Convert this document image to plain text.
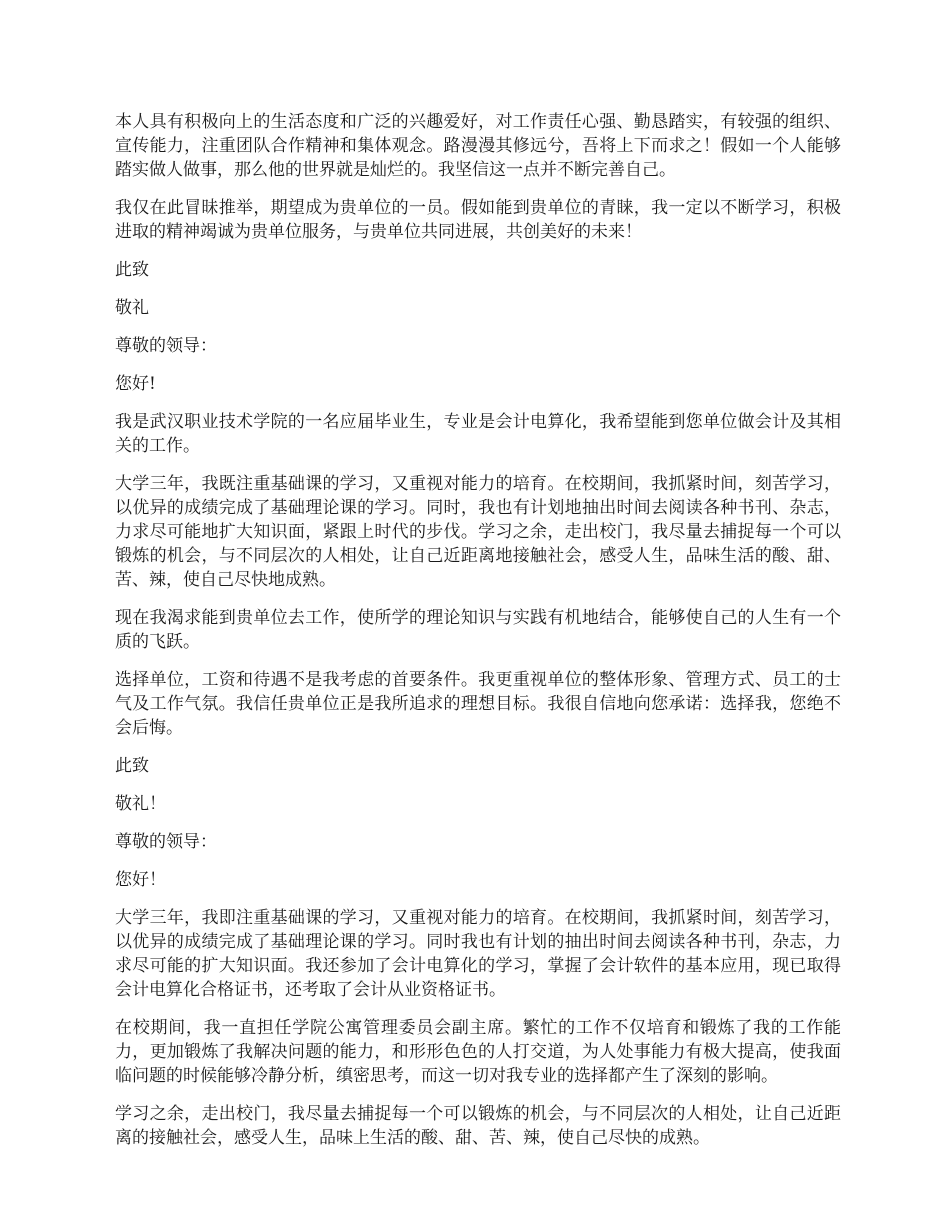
本人具有积极向上的生活态度和广泛的兴趣爱好，对工作责任心强、勤恳踏实，有较强的组织、宣传能力，注重团队合作精神和集体观念。路漫漫其修远兮，吾将上下而求之！假如一个人能够踏实做人做事，那么他的世界就是灿烂的。我坚信这一点并不断完善自己。

我仅在此冒昧推举，期望成为贵单位的一员。假如能到贵单位的青睐，我一定以不断学习，积极进取的精神竭诚为贵单位服务，与贵单位共同进展，共创美好的未来！

此致

敬礼

尊敬的领导：

您好!

我是武汉职业技术学院的一名应届毕业生，专业是会计电算化，我希望能到您单位做会计及其相关的工作。

大学三年，我既注重基础课的学习，又重视对能力的培育。在校期间，我抓紧时间，刻苦学习，以优异的成绩完成了基础理论课的学习。同时，我也有计划地抽出时间去阅读各种书刊、杂志，力求尽可能地扩大知识面，紧跟上时代的步伐。学习之余，走出校门，我尽量去捕捉每一个可以锻炼的机会，与不同层次的人相处，让自己近距离地接触社会，感受人生，品味生活的酸、甜、苦、辣，使自己尽快地成熟。

现在我渴求能到贵单位去工作，使所学的理论知识与实践有机地结合，能够使自己的人生有一个质的飞跃。

选择单位，工资和待遇不是我考虑的首要条件。我更重视单位的整体形象、管理方式、员工的士气及工作气氛。我信任贵单位正是我所追求的理想目标。我很自信地向您承诺：选择我，您绝不会后悔。

此致

敬礼！

尊敬的领导：

您好！

大学三年，我即注重基础课的学习，又重视对能力的培育。在校期间，我抓紧时间，刻苦学习，以优异的成绩完成了基础理论课的学习。同时我也有计划的抽出时间去阅读各种书刊，杂志，力求尽可能的扩大知识面。我还参加了会计电算化的学习，掌握了会计软件的基本应用，现已取得会计电算化合格证书，还考取了会计从业资格证书。

在校期间，我一直担任学院公寓管理委员会副主席。繁忙的工作不仅培育和锻炼了我的工作能力，更加锻炼了我解决问题的能力，和形形色色的人打交道，为人处事能力有极大提高，使我面临问题的时候能够冷静分析，缜密思考，而这一切对我专业的选择都产生了深刻的影响。

学习之余，走出校门，我尽量去捕捉每一个可以锻炼的机会，与不同层次的人相处，让自己近距离的接触社会，感受人生，品味上生活的酸、甜、苦、辣，使自己尽快的成熟。
